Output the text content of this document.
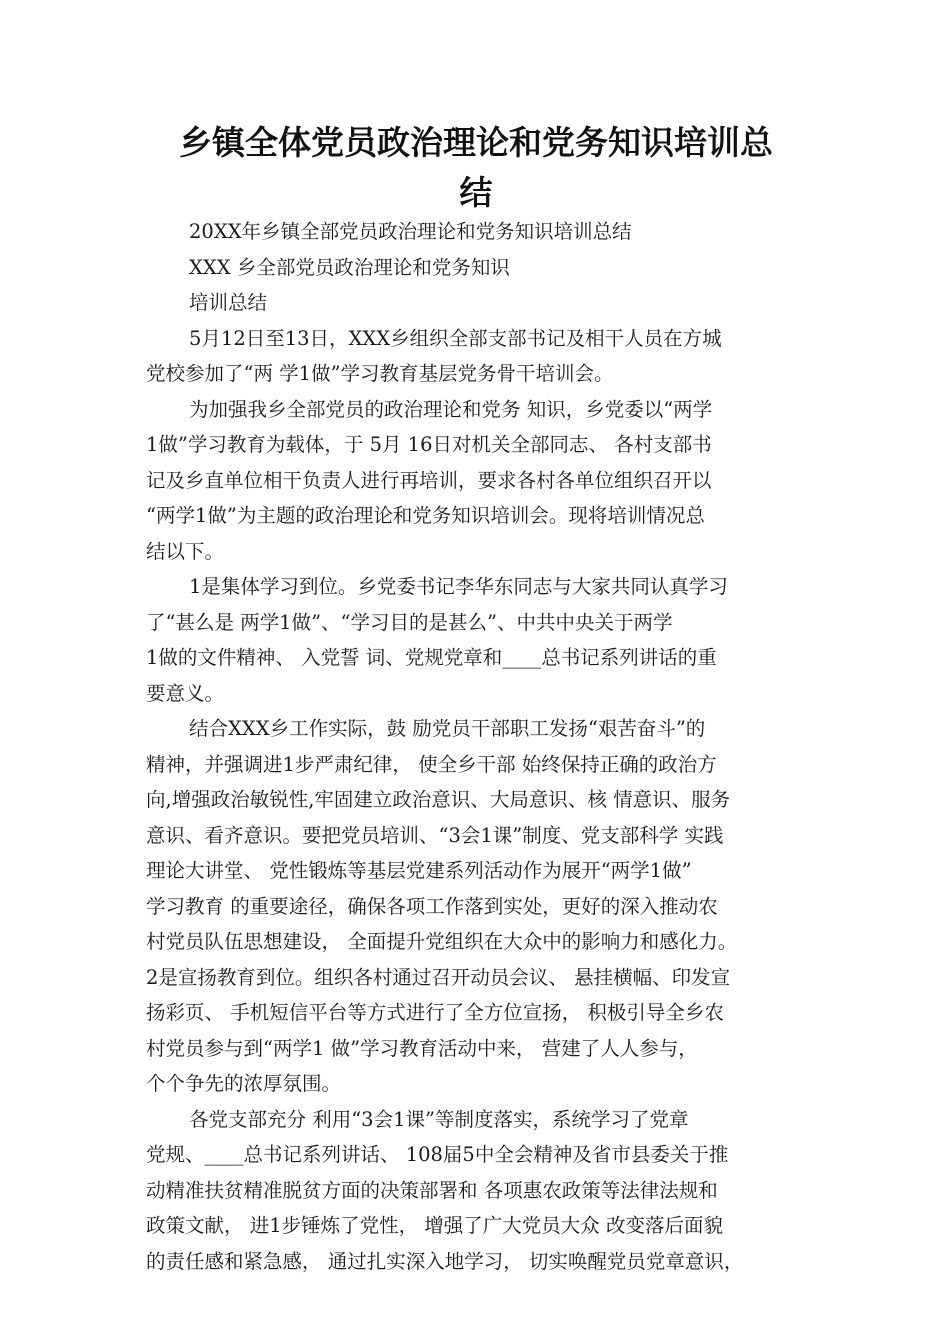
乡镇全体党员政治理论和党务知识培训总
结
20XX年乡镇全部党员政治理论和党务知识培训总结
XXX 乡全部党员政治理论和党务知识
培训总结
5月12日至13日，XXX乡组织全部支部书记及相干人员在方城
党校参加了“两 学1做”学习教育基层党务骨干培训会。
为加强我乡全部党员的政治理论和党务 知识，乡党委以“两学
1做”学习教育为载体，于 5月 16日对机关全部同志、 各村支部书
记及乡直单位相干负责人进行再培训，要求各村各单位组织召开以
“两学1做”为主题的政治理论和党务知识培训会。现将培训情况总
结以下。
1是集体学习到位。乡党委书记李华东同志与大家共同认真学习
了“甚么是 两学1做”、“学习目的是甚么”、中共中央关于两学
1做的文件精神、 入党誓 词、党规党章和____总书记系列讲话的重
要意义。
结合XXX乡工作实际，鼓 励党员干部职工发扬“艰苦奋斗”的
精神，并强调进1步严肃纪律， 使全乡干部 始终保持正确的政治方
向,增强政治敏锐性,牢固建立政治意识、大局意识、核 情意识、服务
意识、看齐意识。要把党员培训、“3会1课”制度、党支部科学 实践
理论大讲堂、 党性锻炼等基层党建系列活动作为展开“两学1做”
学习教育 的重要途径，确保各项工作落到实处，更好的深入推动农
村党员队伍思想建设， 全面提升党组织在大众中的影响力和感化力。
2是宣扬教育到位。组织各村通过召开动员会议、 悬挂横幅、印发宣
扬彩页、 手机短信平台等方式进行了全方位宣扬， 积极引导全乡农
村党员参与到“两学1 做”学习教育活动中来， 营建了人人参与，
个个争先的浓厚氛围。
各党支部充分 利用“3会1课”等制度落实，系统学习了党章
党规、____总书记系列讲话、 108届5中全会精神及省市县委关于推
动精准扶贫精准脱贫方面的决策部署和 各项惠农政策等法律法规和
政策文献， 进1步锤炼了党性， 增强了广大党员大众 改变落后面貌
的责任感和紧急感， 通过扎实深入地学习， 切实唤醒党员党章意识，
